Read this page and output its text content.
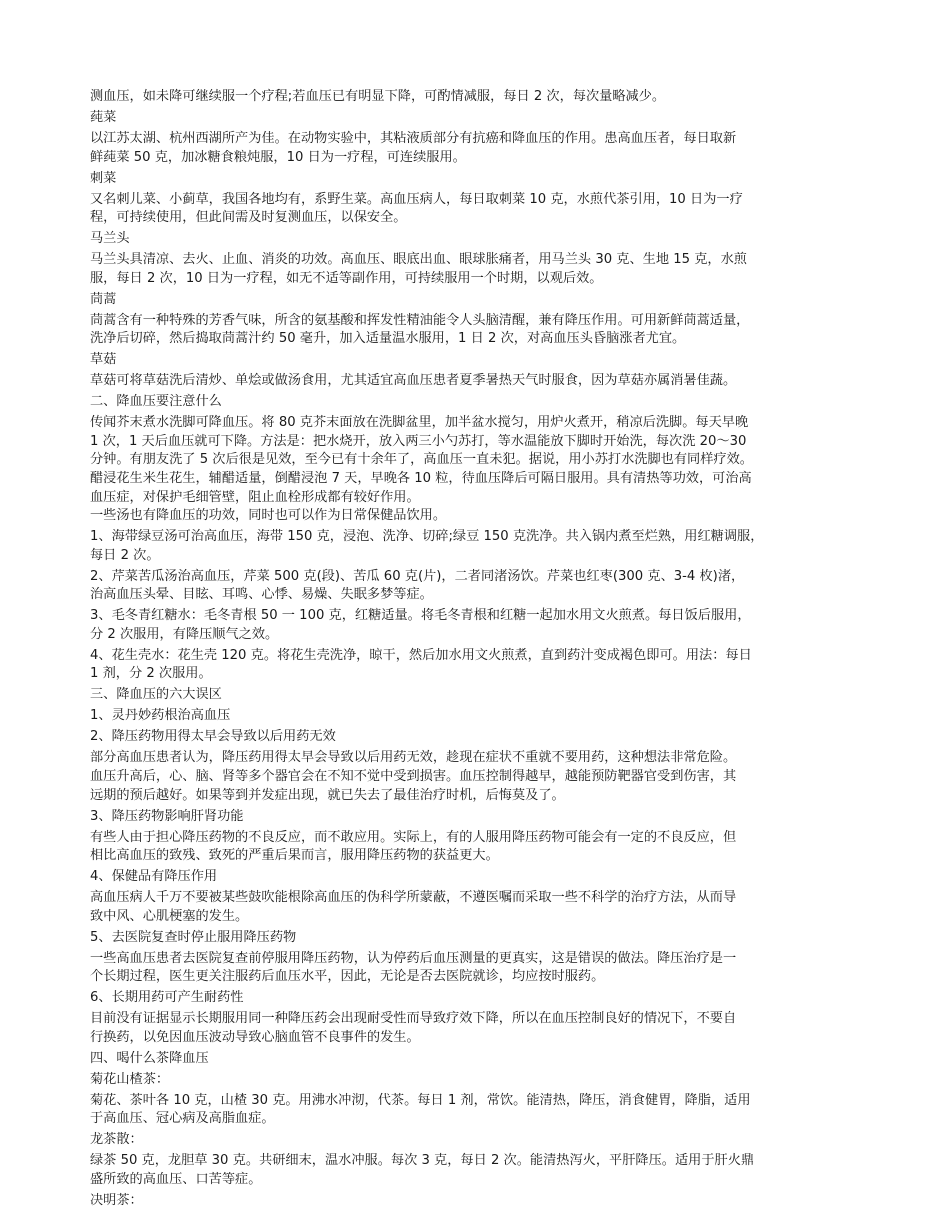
测血压，如未降可继续服一个疗程;若血压已有明显下降，可酌情减服，每日 2 次，每次量略减少。
莼菜
以江苏太湖、杭州西湖所产为佳。在动物实验中，其粘液质部分有抗癌和降血压的作用。患高血压者，每日取新
鲜莼菜 50 克，加冰糖食粮炖服，10 日为一疗程，可连续服用。
刺菜
又名刺儿菜、小蓟草，我国各地均有，系野生菜。高血压病人，每日取刺菜 10 克，水煎代茶引用，10 日为一疗
程，可持续使用，但此间需及时复测血压，以保安全。
马兰头
马兰头具清凉、去火、止血、消炎的功效。高血压、眼底出血、眼球胀痛者，用马兰头 30 克、生地 15 克，水煎
服，每日 2 次，10 日为一疗程，如无不适等副作用，可持续服用一个时期，以观后效。
茼蒿
茼蒿含有一种特殊的芳香气味，所含的氨基酸和挥发性精油能令人头脑清醒，兼有降压作用。可用新鲜茼蒿适量，
洗净后切碎，然后捣取茼蒿汁约 50 毫升，加入适量温水服用，1 日 2 次，对高血压头昏脑涨者尤宜。
草菇
草菇可将草菇洗后清炒、单烩或做汤食用，尤其适宜高血压患者夏季暑热天气时服食，因为草菇亦属消暑佳蔬。
二、降血压要注意什么
传闻芥末煮水洗脚可降血压。将 80 克芥末面放在洗脚盆里，加半盆水搅匀，用炉火煮开，稍凉后洗脚。每天早晚
1 次，1 天后血压就可下降。方法是：把水烧开，放入两三小勺苏打，等水温能放下脚时开始洗，每次洗 20～30
分钟。有朋友洗了 5 次后很是见效，至今已有十余年了，高血压一直未犯。据说，用小苏打水洗脚也有同样疗效。
醋浸花生米生花生，辅醋适量，倒醋浸泡 7 天，早晚各 10 粒，待血压降后可隔日服用。具有清热等功效，可治高
血压症，对保护毛细管壁，阻止血栓形成都有较好作用。
一些汤也有降血压的功效，同时也可以作为日常保健品饮用。
1、海带绿豆汤可治高血压，海带 150 克，浸泡、洗净、切碎;绿豆 150 克洗净。共入锅内煮至烂熟，用红糖调服，
每日 2 次。
2、芹菜苦瓜汤治高血压，芹菜 500 克(段)、苦瓜 60 克(片)，二者同渚汤饮。芹菜也红枣(300 克、3-4 枚)渚，
治高血压头晕、目眩、耳鸣、心悸、易燥、失眠多梦等症。
3、毛冬青红糖水：毛冬青根 50 一 100 克，红糖适量。将毛冬青根和红糖一起加水用文火煎煮。每日饭后服用，
分 2 次服用，有降压顺气之效。
4、花生壳水：花生壳 120 克。将花生壳洗净，晾干，然后加水用文火煎煮，直到药汁变成褐色即可。用法：每日
1 剂，分 2 次服用。
三、降血压的六大误区
1、灵丹妙药根治高血压
2、降压药物用得太早会导致以后用药无效
部分高血压患者认为，降压药用得太早会导致以后用药无效，趁现在症状不重就不要用药，这种想法非常危险。
血压升高后，心、脑、肾等多个器官会在不知不觉中受到损害。血压控制得越早，越能预防靶器官受到伤害，其
远期的预后越好。如果等到并发症出现，就已失去了最佳治疗时机，后悔莫及了。
3、降压药物影响肝肾功能
有些人由于担心降压药物的不良反应，而不敢应用。实际上，有的人服用降压药物可能会有一定的不良反应，但
相比高血压的致残、致死的严重后果而言，服用降压药物的获益更大。
4、保健品有降压作用
高血压病人千万不要被某些鼓吹能根除高血压的伪科学所蒙蔽，不遵医嘱而采取一些不科学的治疗方法，从而导
致中风、心肌梗塞的发生。
5、去医院复查时停止服用降压药物
一些高血压患者去医院复查前停服用降压药物，认为停药后血压测量的更真实，这是错误的做法。降压治疗是一
个长期过程，医生更关注服药后血压水平，因此，无论是否去医院就诊，均应按时服药。
6、长期用药可产生耐药性
目前没有证据显示长期服用同一种降压药会出现耐受性而导致疗效下降，所以在血压控制良好的情况下，不要自
行换药，以免因血压波动导致心脑血管不良事件的发生。
四、喝什么茶降血压
菊花山楂茶：
菊花、茶叶各 10 克，山楂 30 克。用沸水冲沏，代茶。每日 1 剂，常饮。能清热，降压，消食健胃，降脂，适用
于高血压、冠心病及高脂血症。
龙茶散：
绿茶 50 克，龙胆草 30 克。共研细末，温水冲服。每次 3 克，每日 2 次。能清热泻火，平肝降压。适用于肝火鼎
盛所致的高血压、口苦等症。
决明茶：
